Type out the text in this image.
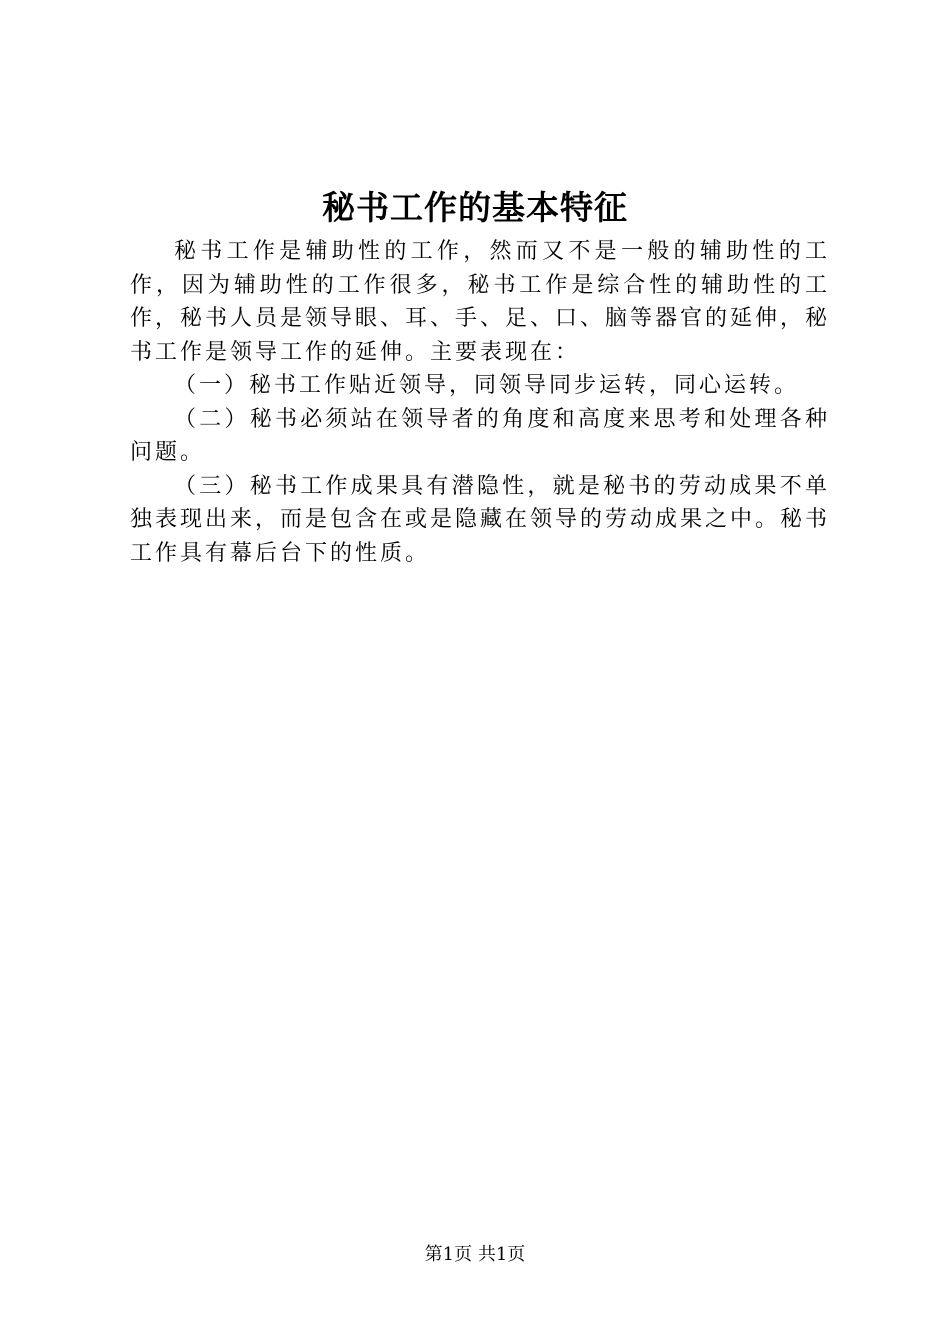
秘书工作的基本特征

秘书工作是辅助性的工作，然而又不是一般的辅助性的工作，因为辅助性的工作很多，秘书工作是综合性的辅助性的工作，秘书人员是领导眼、耳、手、足、口、脑等器官的延伸，秘书工作是领导工作的延伸。主要表现在：

（一）秘书工作贴近领导，同领导同步运转，同心运转。

（二）秘书必须站在领导者的角度和高度来思考和处理各种问题。

（三）秘书工作成果具有潜隐性，就是秘书的劳动成果不单独表现出来，而是包含在或是隐藏在领导的劳动成果之中。秘书工作具有幕后台下的性质。

第1页 共1页
